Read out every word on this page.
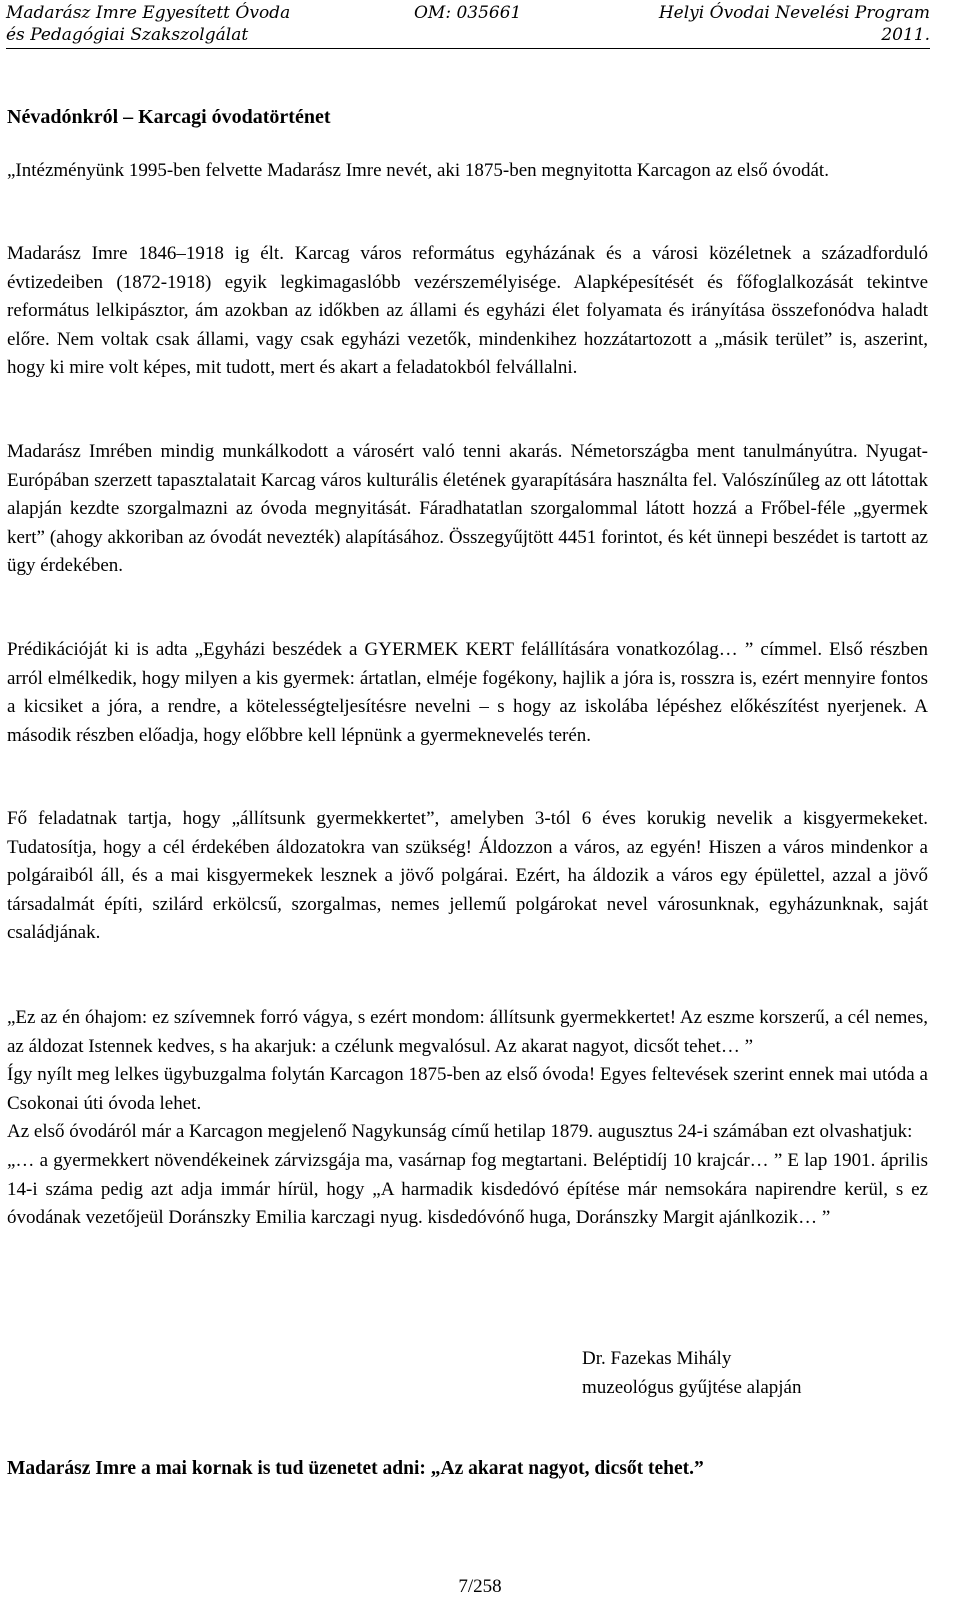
Madarász Imre Egyesített Óvoda	OM: 035661	Helyi Óvodai Nevelési Program
és Pedagógiai Szakszolgálat	2011.
Névadónkról – Karcagi óvodatörténet
„Intézményünk 1995-ben felvette Madarász Imre nevét, aki 1875-ben megnyitotta Karcagon az első óvodát.
Madarász Imre 1846–1918 ig élt. Karcag város református egyházának és a városi közéletnek a századforduló évtizedeiben (1872-1918) egyik legkimagaslóbb vezérszemélyisége. Alapképesítését és főfoglalkozását tekintve református lelkipásztor, ám azokban az időkben az állami és egyházi élet folyamata és irányítása összefonódva haladt előre. Nem voltak csak állami, vagy csak egyházi vezetők, mindenkihez hozzátartozott a „másik terület” is, aszerint, hogy ki mire volt képes, mit tudott, mert és akart a feladatokból felvállalni.
Madarász Imrében mindig munkálkodott a városért való tenni akarás. Németországba ment tanulmányútra. Nyugat-Európában szerzett tapasztalatait Karcag város kulturális életének gyarapítására használta fel. Valószínűleg az ott látottak alapján kezdte szorgalmazni az óvoda megnyitását. Fáradhatatlan szorgalommal látott hozzá a Frőbel-féle „gyermek kert” (ahogy akkoriban az óvodát nevezték) alapításához. Összegyűjtött 4451 forintot, és két ünnepi beszédet is tartott az ügy érdekében.
Prédikációját ki is adta „Egyházi beszédek a GYERMEK KERT felállítására vonatkozólag… ” címmel. Első részben arról elmélkedik, hogy milyen a kis gyermek: ártatlan, elméje fogékony, hajlik a jóra is, rosszra is, ezért mennyire fontos a kicsiket a jóra, a rendre, a kötelességteljesítésre nevelni – s hogy az iskolába lépéshez előkészítést nyerjenek. A második részben előadja, hogy előbbre kell lépnünk a gyermeknevelés terén.
Fő feladatnak tartja, hogy „állítsunk gyermekkertet”, amelyben 3-tól 6 éves korukig nevelik a kisgyermekeket. Tudatosítja, hogy a cél érdekében áldozatokra van szükség! Áldozzon a város, az egyén! Hiszen a város mindenkor a polgáraiból áll, és a mai kisgyermekek lesznek a jövő polgárai. Ezért, ha áldozik a város egy épülettel, azzal a jövő társadalmát építi, szilárd erkölcsű, szorgalmas, nemes jellemű polgárokat nevel városunknak, egyházunknak, saját családjának.
„Ez az én óhajom: ez szívemnek forró vágya, s ezért mondom: állítsunk gyermekkertet! Az eszme korszerű, a cél nemes, az áldozat Istennek kedves, s ha akarjuk: a czélunk megvalósul. Az akarat nagyot, dicsőt tehet… ”
Így nyílt meg lelkes ügybuzgalma folytán Karcagon 1875-ben az első óvoda! Egyes feltevések szerint ennek mai utóda a Csokonai úti óvoda lehet.
Az első óvodáról már a Karcagon megjelenő Nagykunság című hetilap 1879. augusztus 24-i számában ezt olvashatjuk:
„… a gyermekkert növendékeinek zárvizsgája ma, vasárnap fog megtartani. Beléptidíj 10 krajcár… ” E lap 1901. április 14-i száma pedig azt adja immár hírül, hogy „A harmadik kisdedóvó építése már nemsokára napirendre kerül, s ez óvodának vezetőjeül Doránszky Emilia karczagi nyug. kisdedóvónő huga, Doránszky Margit ajánlkozik… ”
Dr. Fazekas Mihály
muzeológus gyűjtése alapján
Madarász Imre a mai kornak is tud üzenetet adni: „Az akarat nagyot, dicsőt tehet.”
7/258
